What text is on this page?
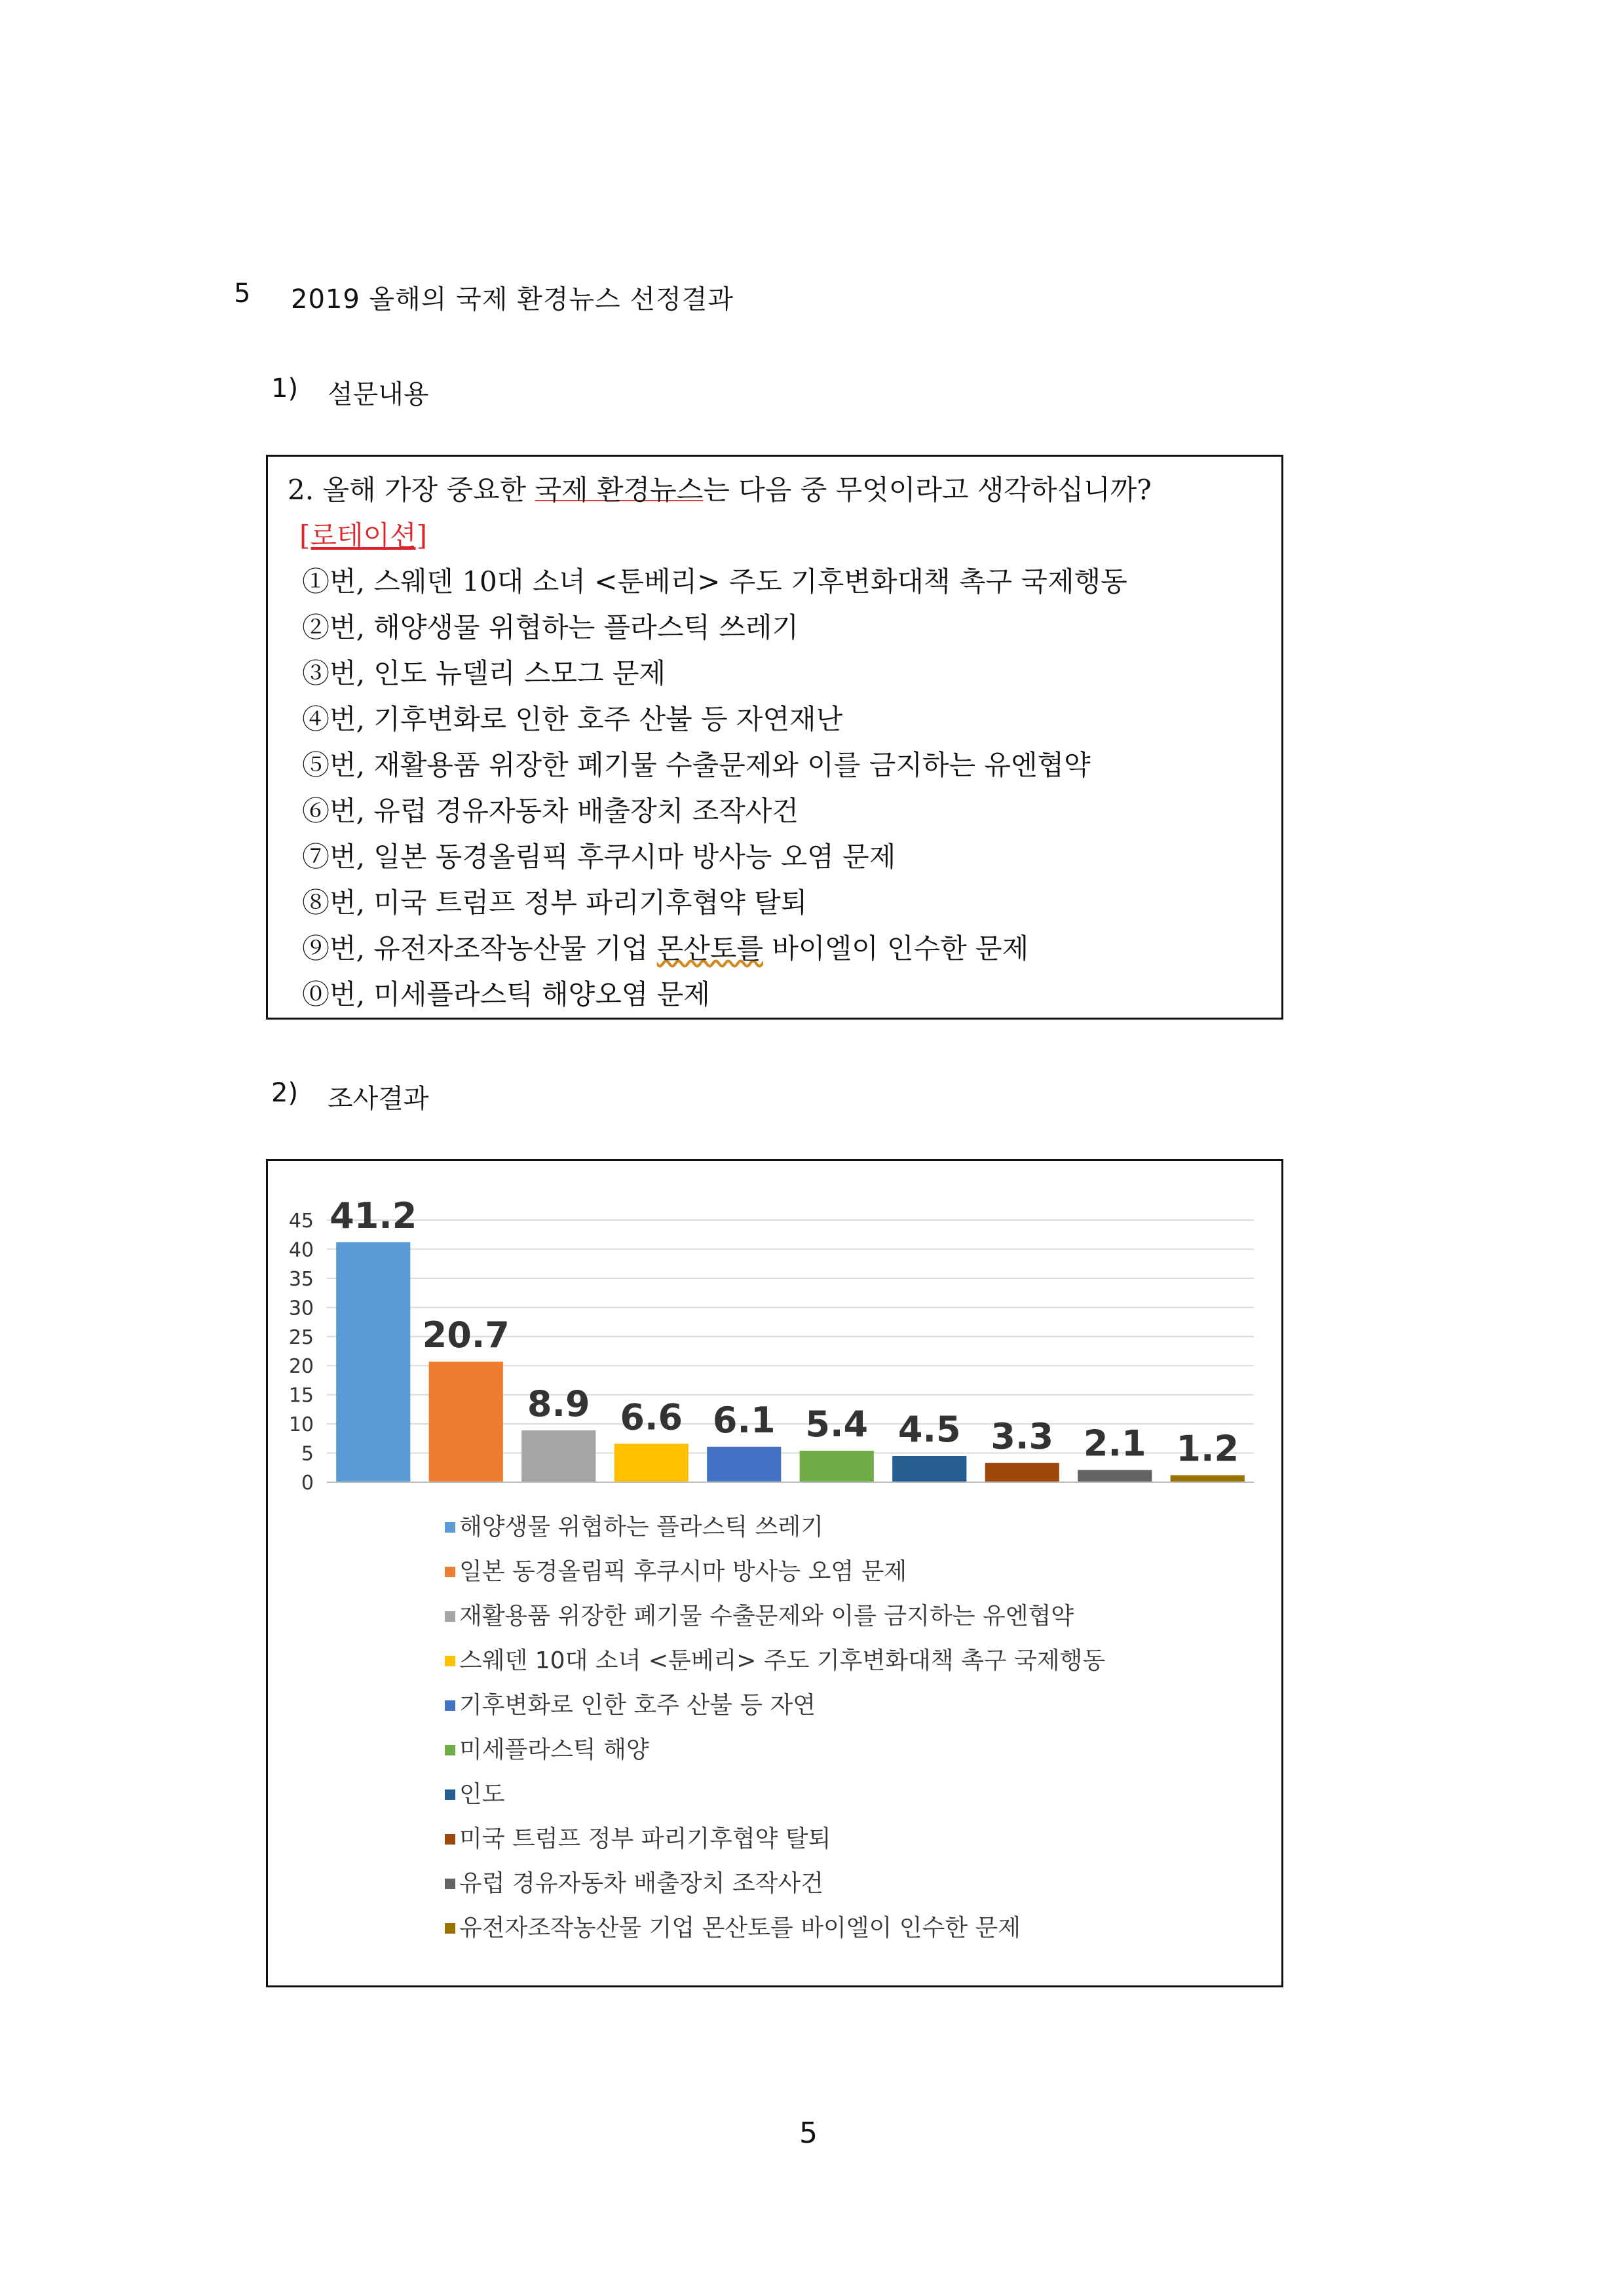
5 2019 올해의 국제 환경뉴스 선정결과
1) 설문내용
2. 올해 가장 중요한 국제 환경뉴스는 다음 중 무엇이라고 생각하십니까?
[로테이션]
①번, 스웨덴 10대 소녀 <툰베리> 주도 기후변화대책 촉구 국제행동
②번, 해양생물 위협하는 플라스틱 쓰레기
③번, 인도 뉴델리 스모그 문제
④번, 기후변화로 인한 호주 산불 등 자연재난
⑤번, 재활용품 위장한 폐기물 수출문제와 이를 금지하는 유엔협약
⑥번, 유럽 경유자동차 배출장치 조작사건
⑦번, 일본 동경올림픽 후쿠시마 방사능 오염 문제
⑧번, 미국 트럼프 정부 파리기후협약 탈퇴
⑨번, 유전자조작농산물 기업 몬산토를 바이엘이 인수한 문제
⓪번, 미세플라스틱 해양오염 문제
2) 조사결과
0
5
10
15
20
25
30
35
40
45 41.2
20.7
8.9 6.6 6.1 5.4 4.5 3.3 2.1 1.2
해양생물 위협하는 플라스틱 쓰레기
일본 동경올림픽 후쿠시마 방사능 오염 문제
재활용품 위장한 폐기물 수출문제와 이를 금지하는 유엔협약
스웨덴 10대 소녀 <툰베리> 주도 기후변화대책 촉구 국제행동
기후변화로 인한 호주 산불 등 자연
미세플라스틱 해양
인도
미국 트럼프 정부 파리기후협약 탈퇴
유럽 경유자동차 배출장치 조작사건
유전자조작농산물 기업 몬산토를 바이엘이 인수한 문제
5
